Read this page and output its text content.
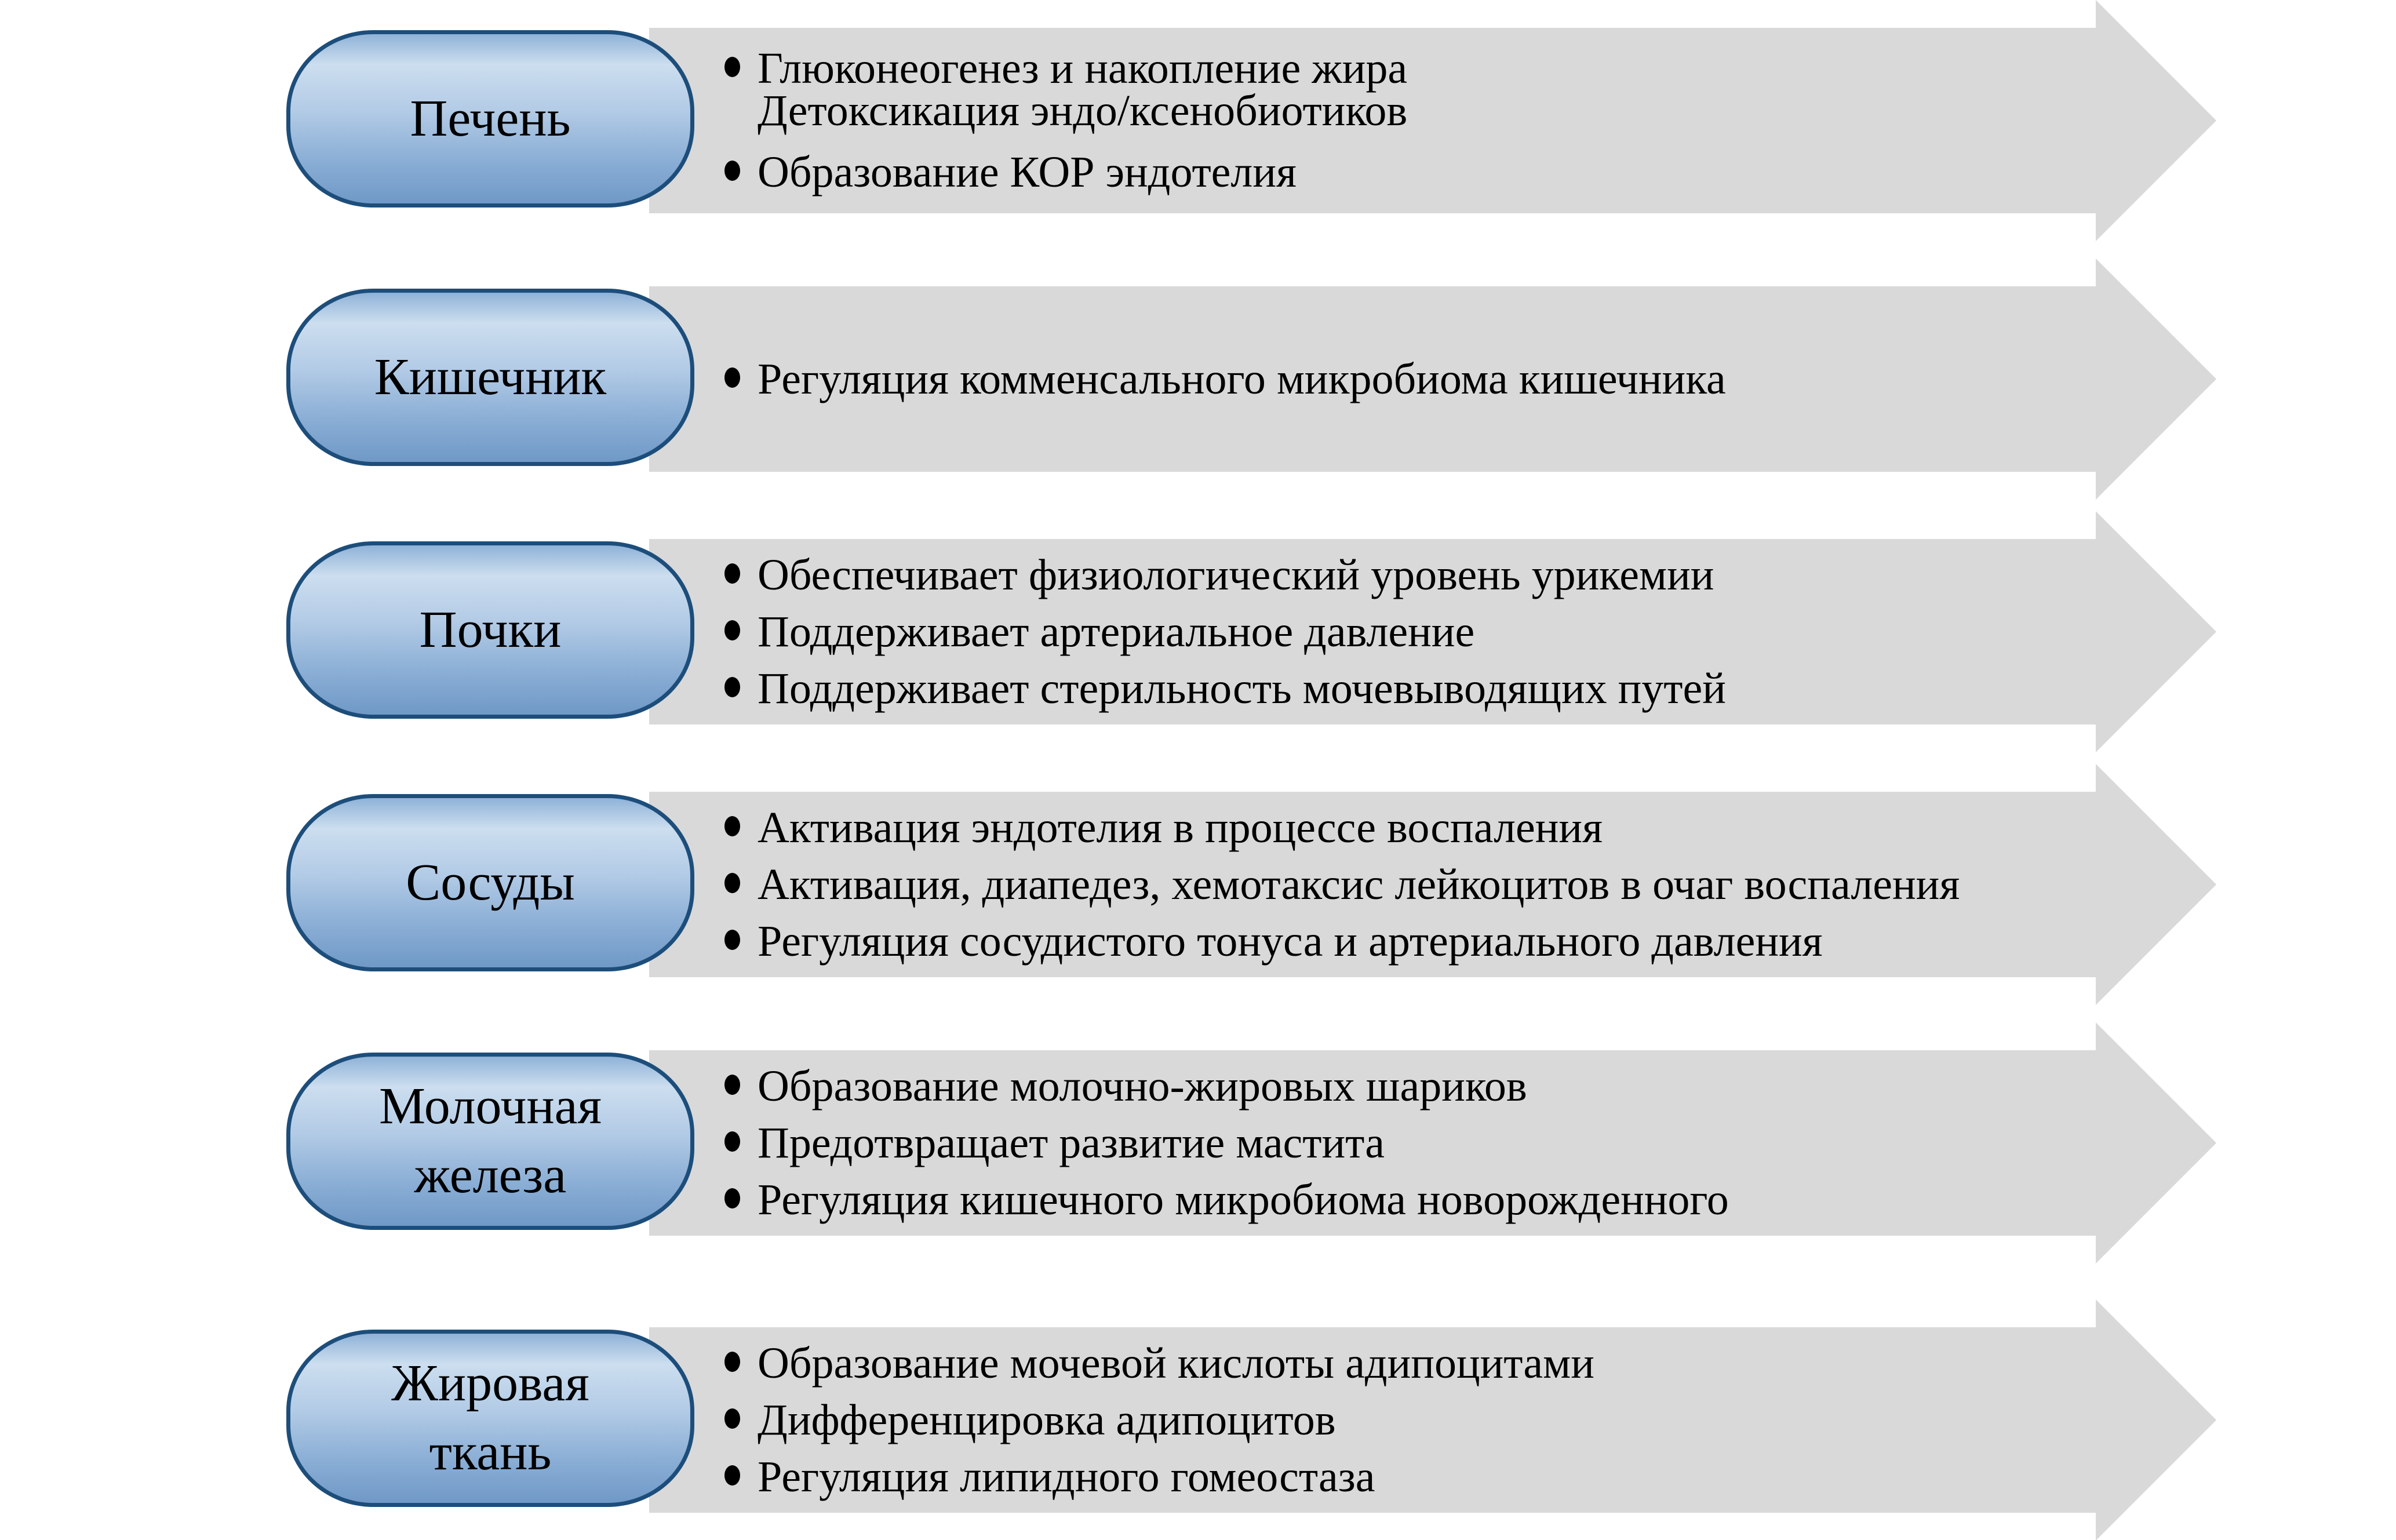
Печень
Глюконеогенез и накопление жира
Детоксикация эндо/ксенобиотиков
Образование КОР эндотелия
Кишечник	Регуляция комменсального микробиома кишечника
Почки
Обеспечивает физиологический уровень урикемии
Поддерживает артериальное давление
Поддерживает стерильность мочевыводящих путей
Сосуды
Активация эндотелия в процессе воспаления
Активация, диапедез, хемотаксис лейкоцитов в очаг воспаления
Регуляция сосудистого тонуса и артериального давления
Молочная
железа
Образование молочно-жировых шариков
Предотвращает развитие мастита
Регуляция кишечного микробиома новорожденного
Жировая
ткань
Образование мочевой кислоты адипоцитами
Дифференцировка адипоцитов
Регуляция липидного гомеостаза
